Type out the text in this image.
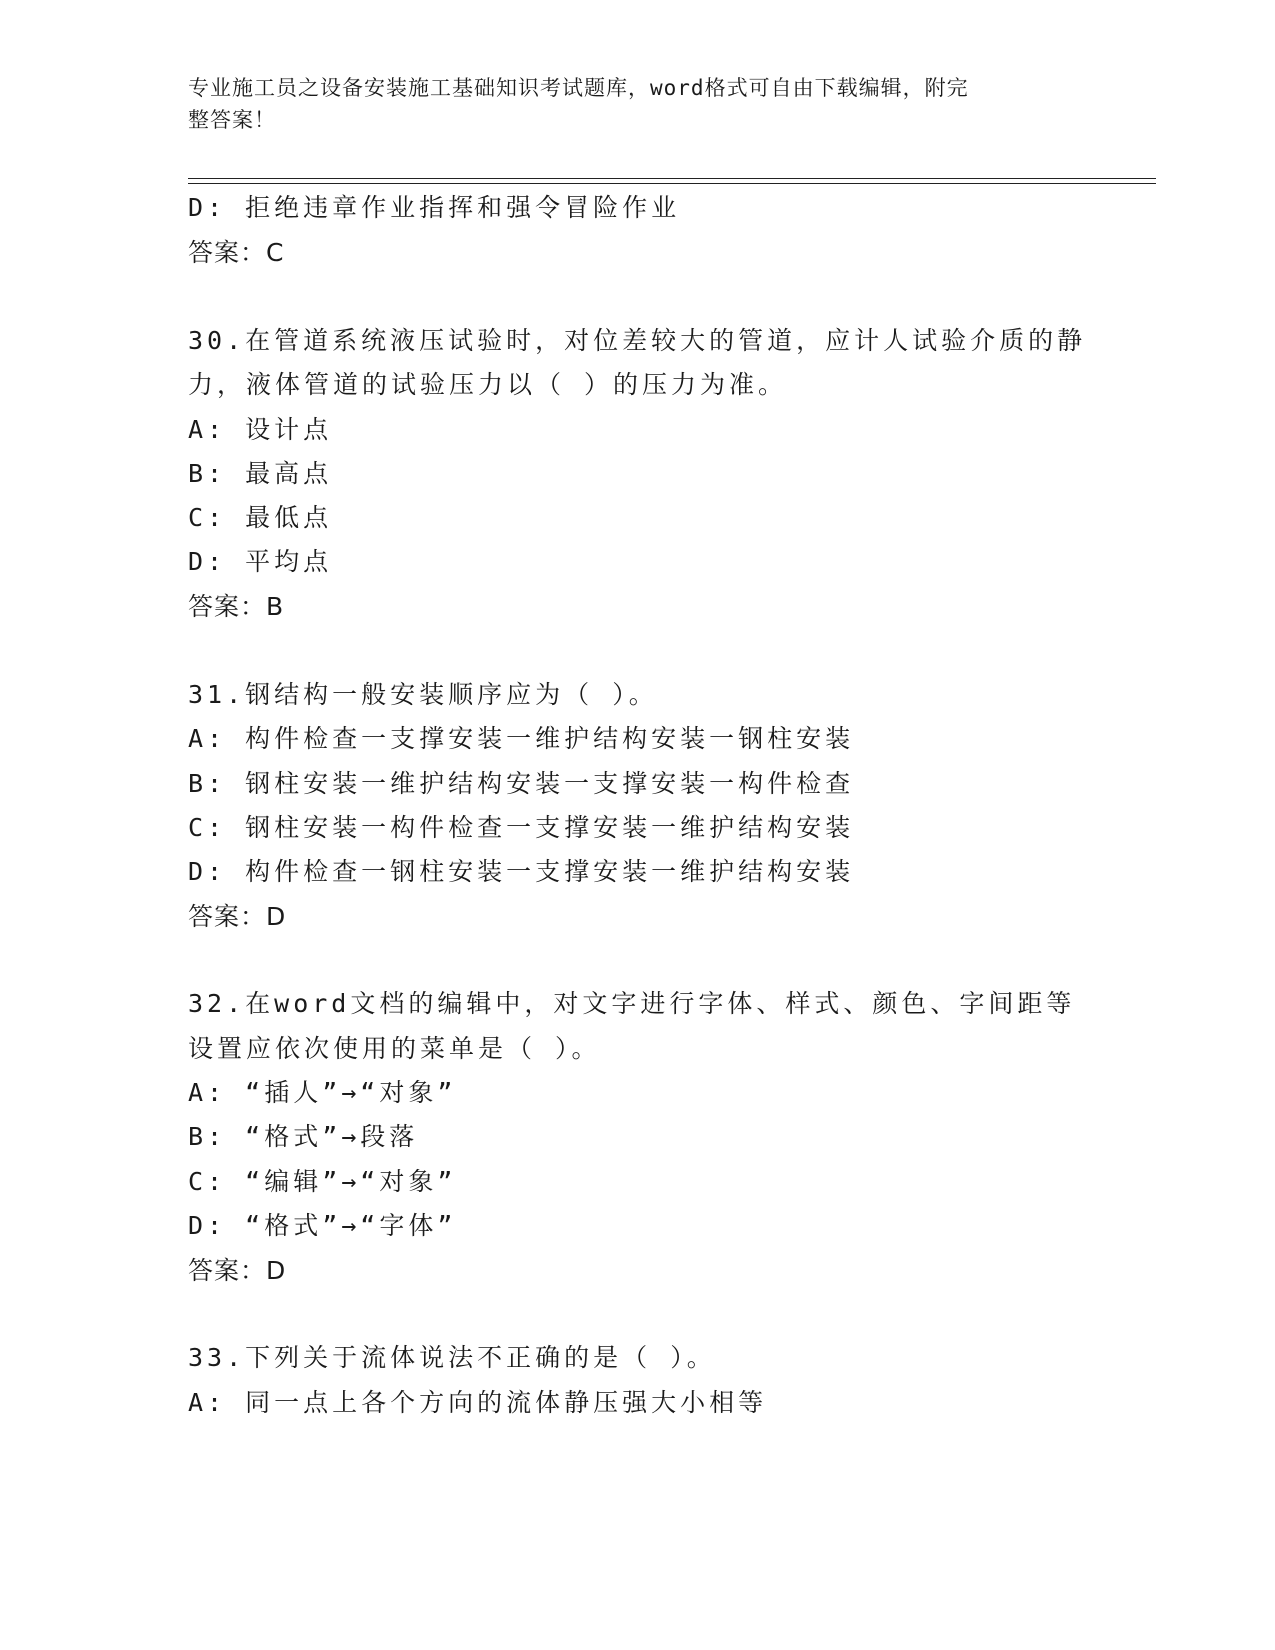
专业施工员之设备安装施工基础知识考试题库，word格式可自由下载编辑，附完
整答案！
D: 拒绝违章作业指挥和强令冒险作业
答案：C
30.在管道系统液压试验时，对位差较大的管道，应计人试验介质的静
力，液体管道的试验压力以（ ）的压力为准。
A: 设计点
B: 最高点
C: 最低点
D: 平均点
答案：B
31.钢结构一般安装顺序应为（ ）。
A: 构件检查一支撑安装一维护结构安装一钢柱安装
B: 钢柱安装一维护结构安装一支撑安装一构件检查
C: 钢柱安装一构件检查一支撑安装一维护结构安装
D: 构件检查一钢柱安装一支撑安装一维护结构安装
答案：D
32.在word文档的编辑中，对文字进行字体、样式、颜色、字间距等
设置应依次使用的菜单是（ ）。
A: “插人”→“对象”
B: “格式”→段落
C: “编辑”→“对象”
D: “格式”→“字体”
答案：D
33.下列关于流体说法不正确的是（ ）。
A: 同一点上各个方向的流体静压强大小相等
